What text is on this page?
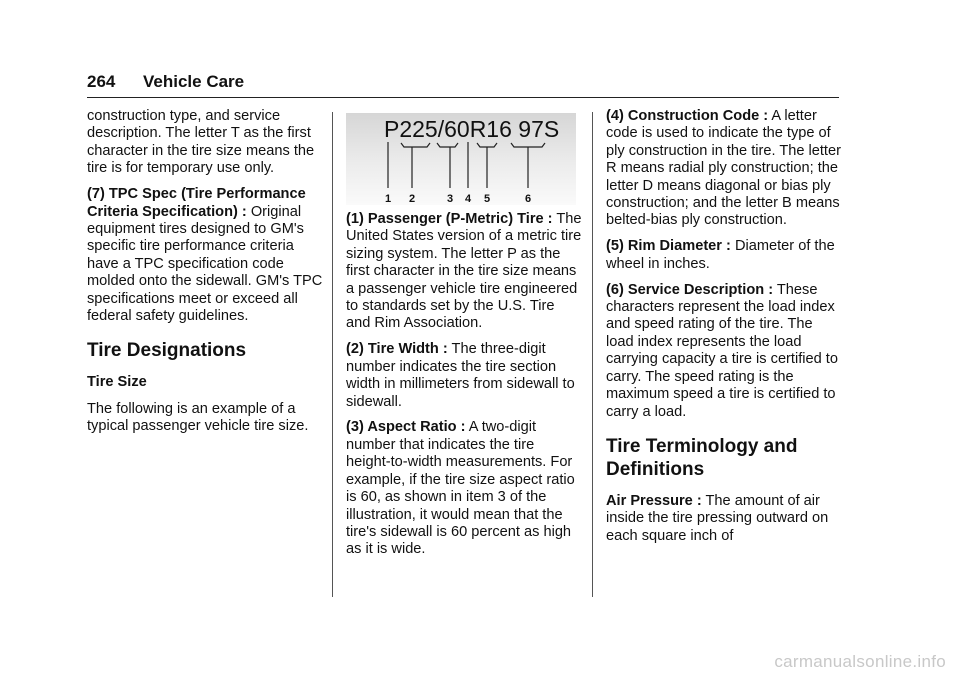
264 Vehicle Care

construction type, and service description. The letter T as the first character in the tire size means the tire is for temporary use only.

(7) TPC Spec (Tire Performance Criteria Specification) : Original equipment tires designed to GM's specific tire performance criteria have a TPC specification code molded onto the sidewall. GM's TPC specifications meet or exceed all federal safety guidelines.

Tire Designations
Tire Size

The following is an example of a typical passenger vehicle tire size.

P225/60R16 97S
1 2	3 4 5	6

(1) Passenger (P-Metric) Tire : The United States version of a metric tire sizing system. The letter P as the first character in the tire size means a passenger vehicle tire engineered to standards set by the U.S. Tire and Rim Association.

(2) Tire Width : The three-digit number indicates the tire section width in millimeters from sidewall to sidewall.

(3) Aspect Ratio : A two-digit number that indicates the tire height-to-width measurements. For example, if the tire size aspect ratio is 60, as shown in item 3 of the illustration, it would mean that the tire's sidewall is 60 percent as high as it is wide.

(4) Construction Code : A letter code is used to indicate the type of ply construction in the tire. The letter R means radial ply construction; the letter D means diagonal or bias ply construction; and the letter B means belted-bias ply construction.

(5) Rim Diameter : Diameter of the wheel in inches.

(6) Service Description : These characters represent the load index and speed rating of the tire. The load index represents the load carrying capacity a tire is certified to carry. The speed rating is the maximum speed a tire is certified to carry a load.

Tire Terminology and Definitions

Air Pressure : The amount of air inside the tire pressing outward on each square inch of

carmanualsonline.info
